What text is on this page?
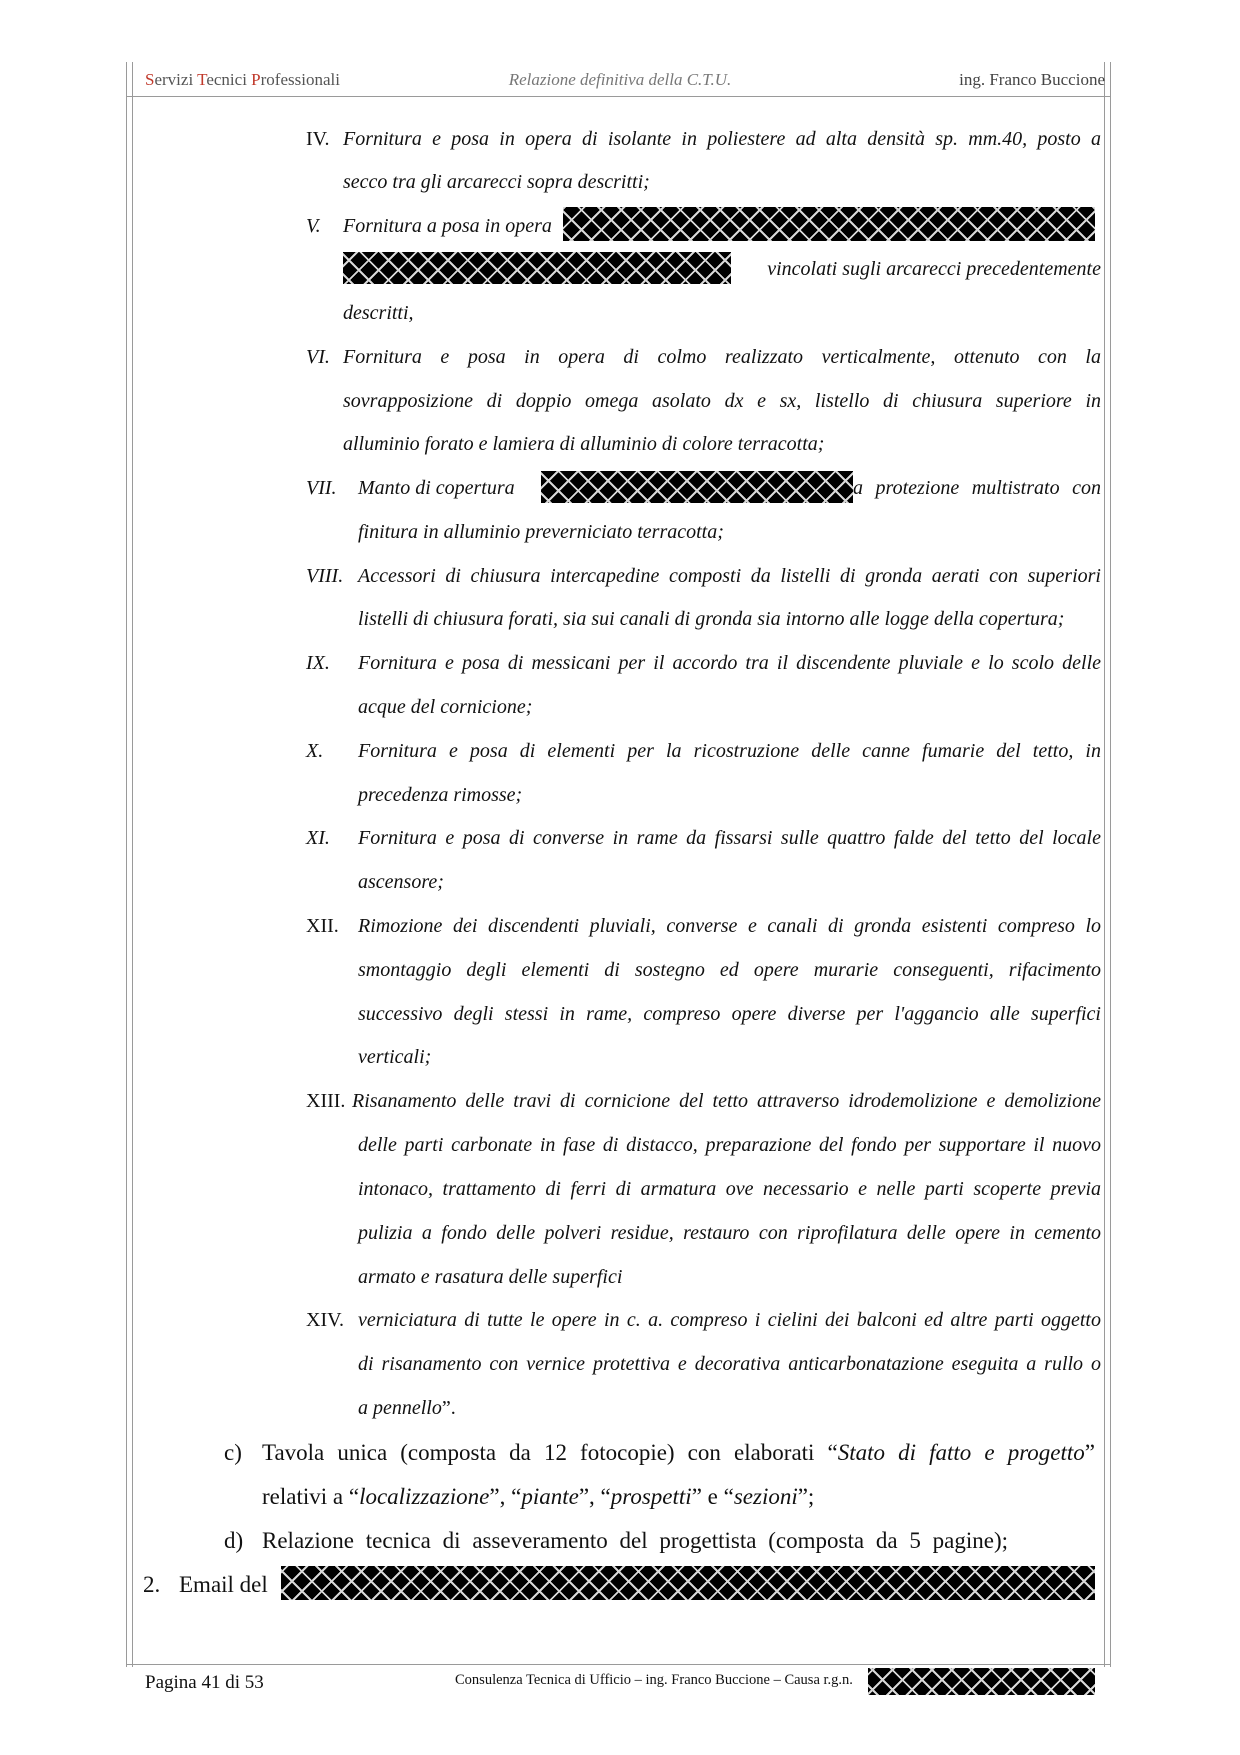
Servizi Tecnici Professionali	Relazione definitiva della C.T.U.	ing. Franco Buccione
IV. Fornitura e posa in opera di isolante in poliestere ad alta densità sp. mm.40, posto a
secco tra gli arcarecci sopra descritti;
V. Fornitura a posa in opera
vincolati sugli arcarecci precedentemente
descritti,
VI. Fornitura e posa in opera di colmo realizzato verticalmente, ottenuto con la
sovrapposizione di doppio omega asolato dx e sx, listello di chiusura superiore in
alluminio forato e lamiera di alluminio di colore terracotta;
VII. Manto di copertura	a protezione multistrato con
finitura in alluminio preverniciato terracotta;
VIII. Accessori di chiusura intercapedine composti da listelli di gronda aerati con superiori
listelli di chiusura forati, sia sui canali di gronda sia intorno alle logge della copertura;
IX. Fornitura e posa di messicani per il accordo tra il discendente pluviale e lo scolo delle
acque del cornicione;
X. Fornitura e posa di elementi per la ricostruzione delle canne fumarie del tetto, in
precedenza rimosse;
XI. Fornitura e posa di converse in rame da fissarsi sulle quattro falde del tetto del locale
ascensore;
XII. Rimozione dei discendenti pluviali, converse e canali di gronda esistenti compreso lo
smontaggio degli elementi di sostegno ed opere murarie conseguenti, rifacimento
successivo degli stessi in rame, compreso opere diverse per l'aggancio alle superfici
verticali;
XIII. Risanamento delle travi di cornicione del tetto attraverso idrodemolizione e demolizione
delle parti carbonate in fase di distacco, preparazione del fondo per supportare il nuovo
intonaco, trattamento di ferri di armatura ove necessario e nelle parti scoperte previa
pulizia a fondo delle polveri residue, restauro con riprofilatura delle opere in cemento
armato e rasatura delle superfici
XIV. verniciatura di tutte le opere in c. a. compreso i cielini dei balconi ed altre parti oggetto
di risanamento con vernice protettiva e decorativa anticarbonatazione eseguita a rullo o
a pennello”.
c) Tavola unica (composta da 12 fotocopie) con elaborati “Stato di fatto e progetto”
relativi a “localizzazione”, “piante”, “prospetti” e “sezioni”;
d) Relazione tecnica di asseveramento del progettista (composta da 5 pagine);
2. Email del
Pagina 41 di 53	Consulenza Tecnica di Ufficio – ing. Franco Buccione – Causa r.g.n.
